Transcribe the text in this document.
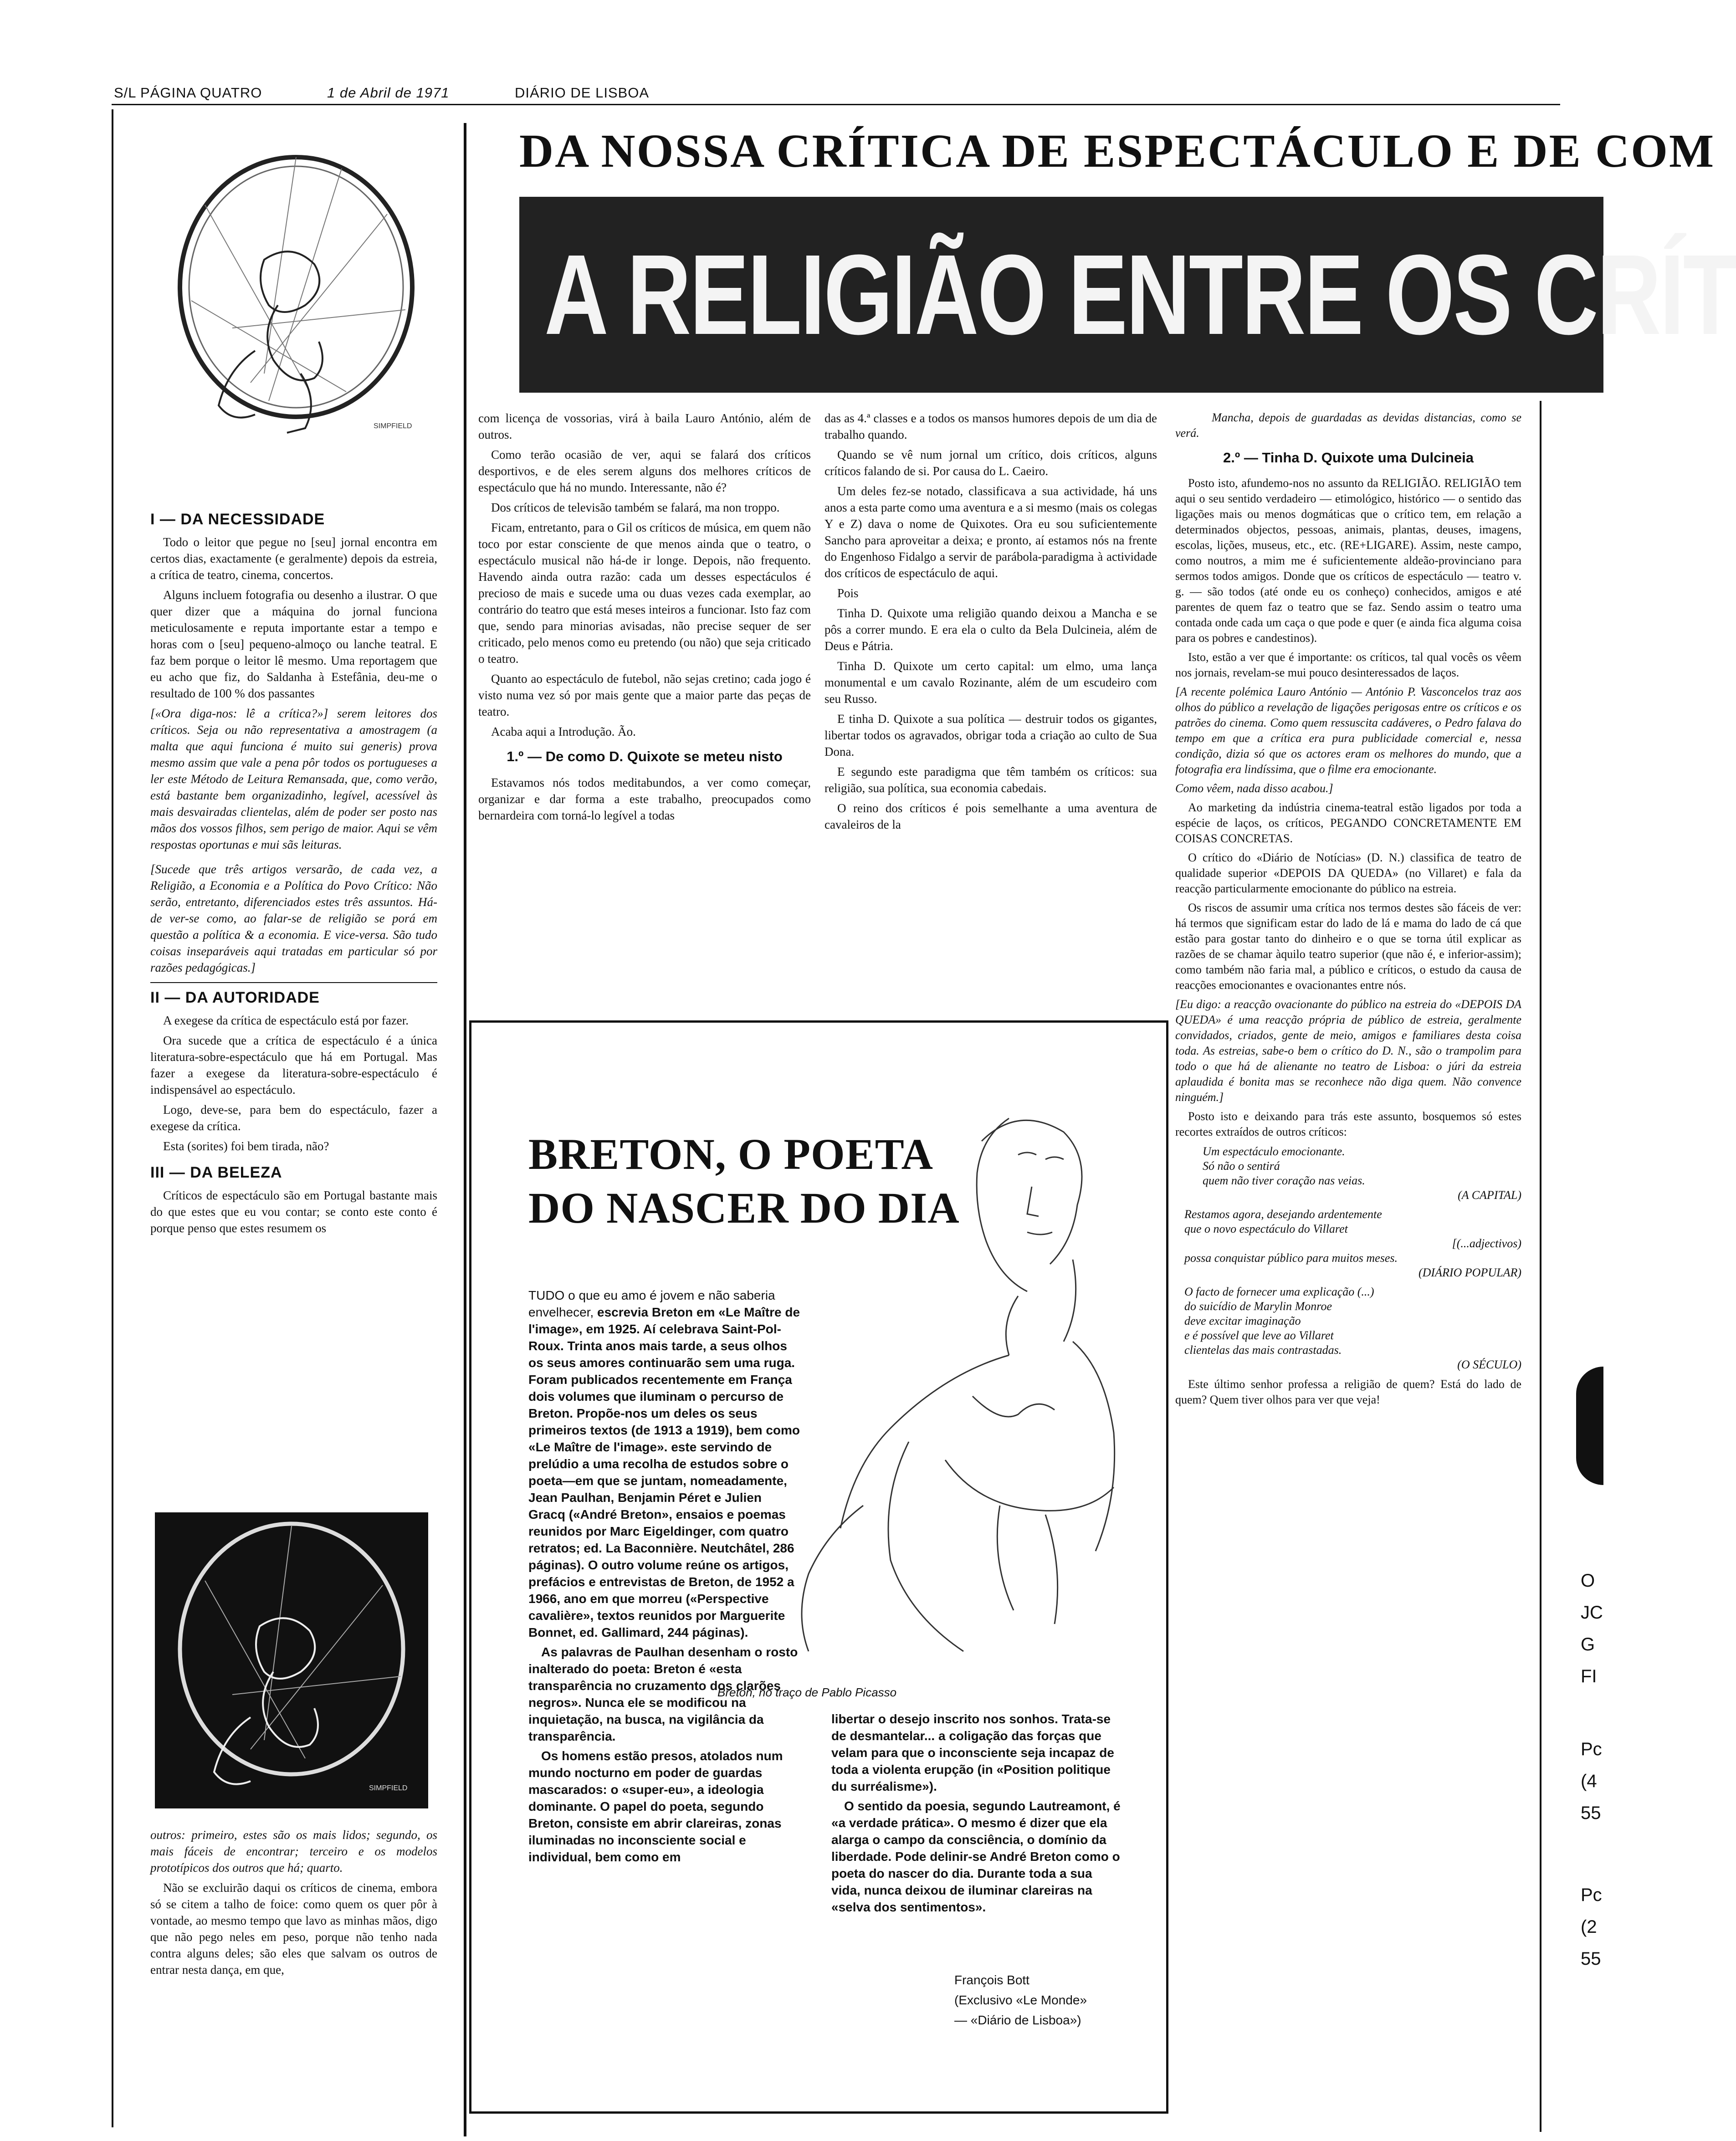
S/L PÁGINA QUATRO	1 de Abril de 1971	DIÁRIO DE LISBOA
DA NOSSA CRÍTICA DE ESPECTÁCULO E DE COM
A RELIGIÃO ENTRE OS CRÍT
SIMPFIELD
I — DA NECESSIDADE

Todo o leitor que pegue no [seu] jornal encontra em certos dias, exactamente (e geralmente) depois da estreia, a crítica de teatro, cinema, concertos.

Alguns incluem fotografia ou desenho a ilustrar. O que quer dizer que a máquina do jornal funciona meticulosamente e reputa importante estar a tempo e horas com o [seu] pequeno-almoço ou lanche teatral. E faz bem porque o leitor lê mesmo. Uma reportagem que eu acho que fiz, do Saldanha à Estefânia, deu-me o resultado de 100 % dos passantes

[«Ora diga-nos: lê a crítica?»] serem leitores dos críticos. Seja ou não representativa a amostragem (a malta que aqui funciona é muito sui generis) prova mesmo assim que vale a pena pôr todos os portugueses a ler este Método de Leitura Remansada, que, como verão, está bastante bem organizadinho, legível, acessível às mais desvairadas clientelas, além de poder ser posto nas mãos dos vossos filhos, sem perigo de maior. Aqui se vêm respostas oportunas e mui sãs leituras.

[Sucede que três artigos versarão, de cada vez, a Religião, a Economia e a Política do Povo Crítico: Não serão, entretanto, diferenciados estes três assuntos. Há-de ver-se como, ao falar-se de religião se porá em questão a política & a economia. E vice-versa. São tudo coisas inseparáveis aqui tratadas em particular só por razões pedagógicas.]

II — DA AUTORIDADE

A exegese da crítica de espectáculo está por fazer.

Ora sucede que a crítica de espectáculo é a única literatura-sobre-espectáculo que há em Portugal. Mas fazer a exegese da literatura-sobre-espectáculo é indispensável ao espectáculo.

Logo, deve-se, para bem do espectáculo, fazer a exegese da crítica.

Esta (sorites) foi bem tirada, não?

III — DA BELEZA

Críticos de espectáculo são em Portugal bastante mais do que estes que eu vou contar; se conto este conto é porque penso que estes resumem os

SIMPFIELD

outros: primeiro, estes são os mais lidos; segundo, os mais fáceis de encontrar; terceiro e os modelos prototípicos dos outros que há; quarto.

Não se excluirão daqui os críticos de cinema, embora só se citem a talho de foice: como quem os quer pôr à vontade, ao mesmo tempo que lavo as minhas mãos, digo que não pego neles em peso, porque não tenho nada contra alguns deles; são eles que salvam os outros de entrar nesta dança, em que,

com licença de vossorias, virá à baila Lauro António, além de outros.

Como terão ocasião de ver, aqui se falará dos críticos desportivos, e de eles serem alguns dos melhores críticos de espectáculo que há no mundo. Interessante, não é?

Dos críticos de televisão também se falará, ma non troppo.

Ficam, entretanto, para o Gil os críticos de música, em quem não toco por estar consciente de que menos ainda que o teatro, o espectáculo musical não há-de ir longe. Depois, não frequento. Havendo ainda outra razão: cada um desses espectáculos é precioso de mais e sucede uma ou duas vezes cada exemplar, ao contrário do teatro que está meses inteiros a funcionar. Isto faz com que, sendo para minorias avisadas, não precise sequer de ser criticado, pelo menos como eu pretendo (ou não) que seja criticado o teatro.

Quanto ao espectáculo de futebol, não sejas cretino; cada jogo é visto numa vez só por mais gente que a maior parte das peças de teatro.

Acaba aqui a Introdução. Ão.

1.º — De como D. Quixote se meteu nisto

Estavamos nós todos meditabundos, a ver como começar, organizar e dar forma a este trabalho, preocupados como bernardeira com torná-lo legível a todas

das as 4.ª classes e a todos os mansos humores depois de um dia de trabalho quando.

Quando se vê num jornal um crítico, dois críticos, alguns críticos falando de si. Por causa do L. Caeiro.

Um deles fez-se notado, classificava a sua actividade, há uns anos a esta parte como uma aventura e a si mesmo (mais os colegas Y e Z) dava o nome de Quixotes. Ora eu sou suficientemente Sancho para aproveitar a deixa; e pronto, aí estamos nós na frente do Engenhoso Fidalgo a servir de parábola-paradigma à actividade dos críticos de espectáculo de aqui.

Pois

Tinha D. Quixote uma religião quando deixou a Mancha e se pôs a correr mundo. E era ela o culto da Bela Dulcineia, além de Deus e Pátria.

Tinha D. Quixote um certo capital: um elmo, uma lança monumental e um cavalo Rozinante, além de um escudeiro com seu Russo.

E tinha D. Quixote a sua política — destruir todos os gigantes, libertar todos os agravados, obrigar toda a criação ao culto de Sua Dona.

E segundo este paradigma que têm também os críticos: sua religião, sua política, sua economia cabedais.

O reino dos críticos é pois semelhante a uma aventura de cavaleiros de la

Mancha, depois de guardadas as devidas distancias, como se verá.

2.º — Tinha D. Quixote uma Dulcineia

Posto isto, afundemo-nos no assunto da RELIGIÃO. RELIGIÃO tem aqui o seu sentido verdadeiro — etimológico, histórico — o sentido das ligações mais ou menos dogmáticas que o crítico tem, em relação a determinados objectos, pessoas, animais, plantas, deuses, imagens, escolas, lições, museus, etc., etc. (RE+LIGARE). Assim, neste campo, como noutros, a mim me é suficientemente aldeão-provinciano para sermos todos amigos. Donde que os críticos de espectáculo — teatro v. g. — são todos (até onde eu os conheço) conhecidos, amigos e até parentes de quem faz o teatro que se faz. Sendo assim o teatro uma contada onde cada um caça o que pode e quer (e ainda fica alguma coisa para os pobres e candestinos).

Isto, estão a ver que é importante: os críticos, tal qual vocês os vêem nos jornais, revelam-se mui pouco desinteressados de laços.

[A recente polémica Lauro António — António P. Vasconcelos traz aos olhos do público a revelação de ligações perigosas entre os críticos e os patrões do cinema. Como quem ressuscita cadáveres, o Pedro falava do tempo em que a crítica era pura publicidade comercial e, nessa condição, dizia só que os actores eram os melhores do mundo, que a fotografia era lindíssima, que o filme era emocionante.

Como vêem, nada disso acabou.]

Ao marketing da indústria cinema-teatral estão ligados por toda a espécie de laços, os críticos, PEGANDO CONCRETAMENTE EM COISAS CONCRETAS.

O crítico do «Diário de Notícias» (D. N.) classifica de teatro de qualidade superior «DEPOIS DA QUEDA» (no Villaret) e fala da reacção particularmente emocionante do público na estreia.

Os riscos de assumir uma crítica nos termos destes são fáceis de ver: há termos que significam estar do lado de lá e mama do lado de cá que estão para gostar tanto do dinheiro e o que se torna útil explicar as razões de se chamar àquilo teatro superior (que não é, e inferior-assim); como também não faria mal, a público e críticos, o estudo da causa de reacções emocionantes e ovacionantes entre nós.

[Eu digo: a reacção ovacionante do público na estreia do «DEPOIS DA QUEDA» é uma reacção própria de público de estreia, geralmente convidados, criados, gente de meio, amigos e familiares desta coisa toda. As estreias, sabe-o bem o crítico do D. N., são o trampolim para todo o que há de alienante no teatro de Lisboa: o júri da estreia aplaudida é bonita mas se reconhece não diga quem. Não convence ninguém.]

Posto isto e deixando para trás este assunto, bosquemos só estes recortes extraídos de outros críticos:

Um espectáculo emocionante.
Só não o sentirá
quem não tiver coração nas veias.
(A CAPITAL)
Restamos agora, desejando ardentemente
que o novo espectáculo do Villaret
[(...adjectivos)
possa conquistar público para muitos meses.
(DIÁRIO POPULAR)
O facto de fornecer uma explicação (...)
do suicídio de Marylin Monroe
deve excitar imaginação
e é possível que leve ao Villaret
clientelas das mais contrastadas.
(O SÉCULO)

Este último senhor professa a religião de quem? Está do lado de quem? Quem tiver olhos para ver que veja!

O
JC
G
FI
Pc
(4
55
Pc
(2
55
BRETON, O POETA
DO NASCER DO DIA
Breton, no traço de Pablo Picasso

TUDO o que eu amo é jovem e não saberia envelhecer, escrevia Breton em «Le Maître de l'image», em 1925. Aí celebrava Saint-Pol-Roux. Trinta anos mais tarde, a seus olhos os seus amores continuarão sem uma ruga. Foram publicados recentemente em França dois volumes que iluminam o percurso de Breton. Propõe-nos um deles os seus primeiros textos (de 1913 a 1919), bem como «Le Maître de l'image». este servindo de prelúdio a uma recolha de estudos sobre o poeta—em que se juntam, nomeadamente, Jean Paulhan, Benjamin Péret e Julien Gracq («André Breton», ensaios e poemas reunidos por Marc Eigeldinger, com quatro retratos; ed. La Baconnière. Neutchâtel, 286 páginas). O outro volume reúne os artigos, prefácios e entrevistas de Breton, de 1952 a 1966, ano em que morreu («Perspective cavalière», textos reunidos por Marguerite Bonnet, ed. Gallimard, 244 páginas).

As palavras de Paulhan desenham o rosto inalterado do poeta: Breton é «esta transparência no cruzamento dos clarões negros». Nunca ele se modificou na inquietação, na busca, na vigilância da transparência.

Os homens estão presos, atolados num mundo nocturno em poder de guardas mascarados: o «super-eu», a ideologia dominante. O papel do poeta, segundo Breton, consiste em abrir clareiras, zonas iluminadas no inconsciente social e individual, bem como em

libertar o desejo inscrito nos sonhos. Trata-se de desmantelar... a coligação das forças que velam para que o inconsciente seja incapaz de toda a violenta erupção (in «Position politique du surréalisme»).

O sentido da poesia, segundo Lautreamont, é «a verdade prática». O mesmo é dizer que ela alarga o campo da consciência, o domínio da liberdade. Pode delinir-se André Breton como o poeta do nascer do dia. Durante toda a sua vida, nunca deixou de iluminar clareiras na «selva dos sentimentos».

François Bott
(Exclusivo «Le Monde»
— «Diário de Lisboa»)
